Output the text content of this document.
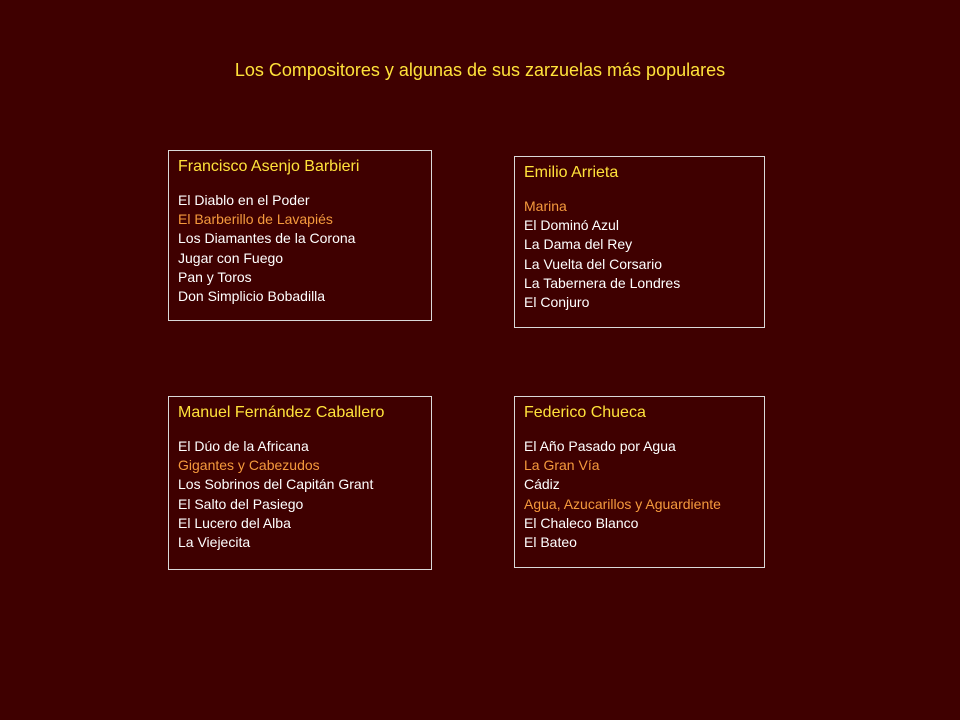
Los Compositores y algunas de sus zarzuelas más populares
Francisco Asenjo Barbieri
El Diablo en el Poder
El Barberillo de Lavapiés
Los Diamantes de la Corona
Jugar con Fuego
Pan y Toros
Don Simplicio Bobadilla
Emilio Arrieta
Marina
El Dominó Azul
La Dama del Rey
La Vuelta del Corsario
La Tabernera de Londres
El Conjuro
Manuel Fernández Caballero
El Dúo de la Africana
Gigantes y Cabezudos
Los Sobrinos del Capitán Grant
El Salto del Pasiego
El Lucero del Alba
La Viejecita
Federico Chueca
El Año Pasado por Agua
La Gran Vía
Cádiz
Agua, Azucarillos y Aguardiente
El Chaleco Blanco
El Bateo
